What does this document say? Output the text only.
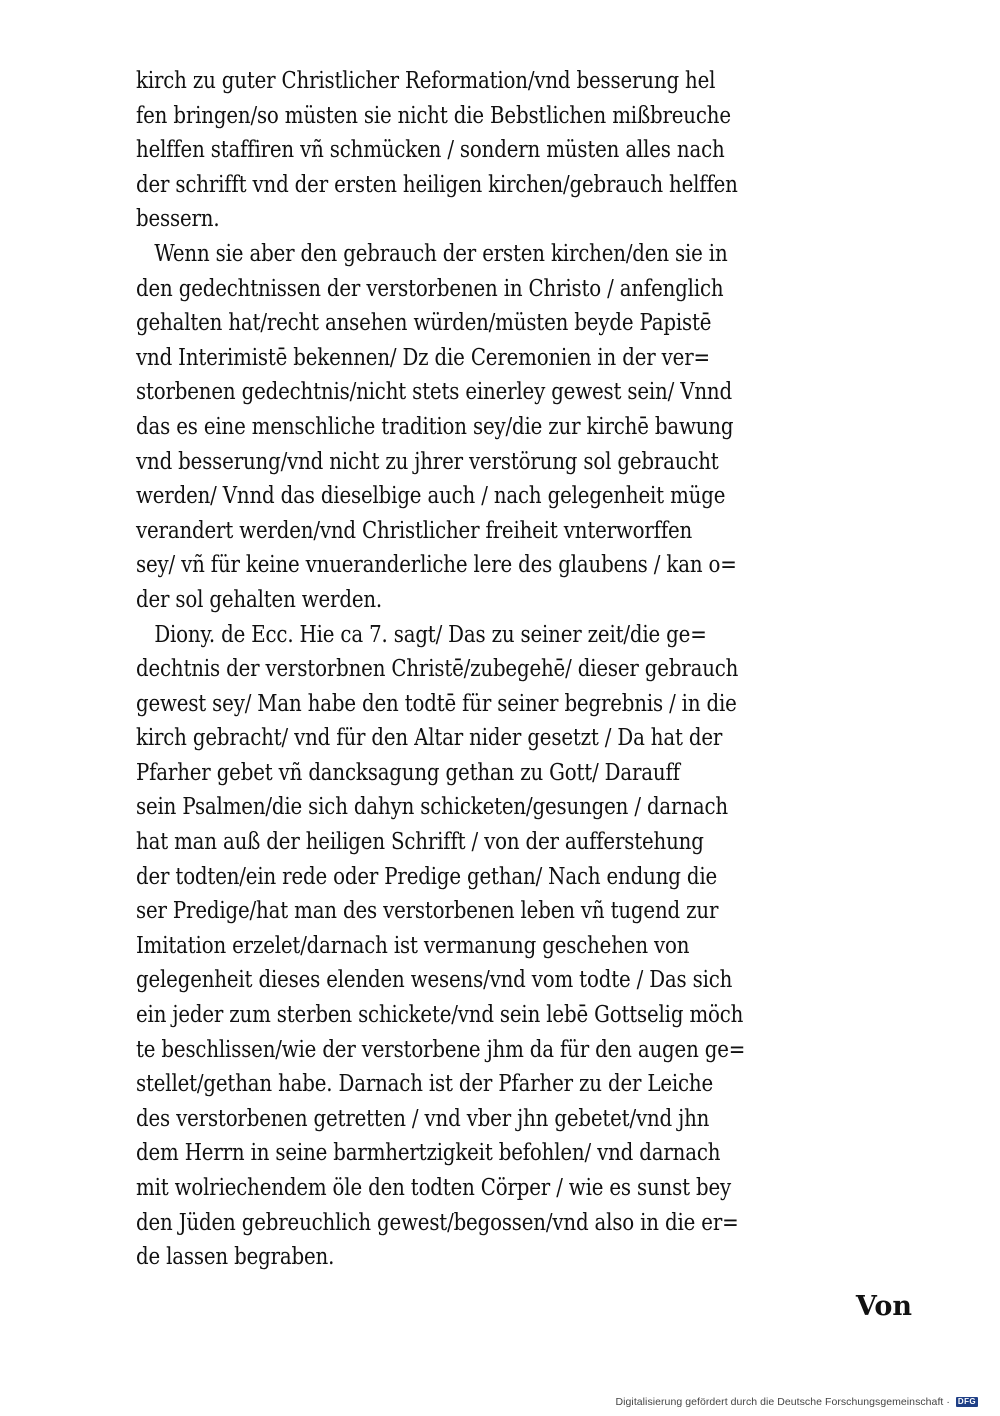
kirch zu guter Christlicher Reformation/vnd besserung hel
fen bringen/so müsten sie nicht die Bebstlichen mißbreuche
helffen staffiren vñ schmücken / sondern müsten alles nach
der schrifft vnd der ersten heiligen kirchen/gebrauch helffen
bessern.
Wenn sie aber den gebrauch der ersten kirchen/den sie in
den gedechtnissen der verstorbenen in Christo / anfenglich
gehalten hat/recht ansehen würden/müsten beyde Papistē
vnd Interimistē bekennen/ Dz die Ceremonien in der ver=
storbenen gedechtnis/nicht stets einerley gewest sein/ Vnnd
das es eine menschliche tradition sey/die zur kirchē bawung
vnd besserung/vnd nicht zu jhrer verstörung sol gebraucht
werden/ Vnnd das dieselbige auch / nach gelegenheit müge
verandert werden/vnd Christlicher freiheit vnterworffen
sey/ vñ für keine vnueranderliche lere des glaubens / kan o=
der sol gehalten werden.
Diony. de Ecc. Hie ca 7. sagt/ Das zu seiner zeit/die ge=
dechtnis der verstorbnen Christē/zubegehē/ dieser gebrauch
gewest sey/ Man habe den todtē für seiner begrebnis / in die
kirch gebracht/ vnd für den Altar nider gesetzt / Da hat der
Pfarher gebet vñ dancksagung gethan zu Gott/ Darauff
sein Psalmen/die sich dahyn schicketen/gesungen / darnach
hat man auß der heiligen Schrifft / von der aufferstehung
der todten/ein rede oder Predige gethan/ Nach endung die
ser Predige/hat man des verstorbenen leben vñ tugend zur
Imitation erzelet/darnach ist vermanung geschehen von
gelegenheit dieses elenden wesens/vnd vom todte / Das sich
ein jeder zum sterben schickete/vnd sein lebē Gottselig möch
te beschlissen/wie der verstorbene jhm da für den augen ge=
stellet/gethan habe. Darnach ist der Pfarher zu der Leiche
des verstorbenen getretten / vnd vber jhn gebetet/vnd jhn
dem Herrn in seine barmhertzigkeit befohlen/ vnd darnach
mit wolriechendem öle den todten Cörper / wie es sunst bey
den Jüden gebreuchlich gewest/begossen/vnd also in die er=
de lassen begraben.
Von
Digitalisierung gefördert durch die Deutsche Forschungsgemeinschaft · DFG
